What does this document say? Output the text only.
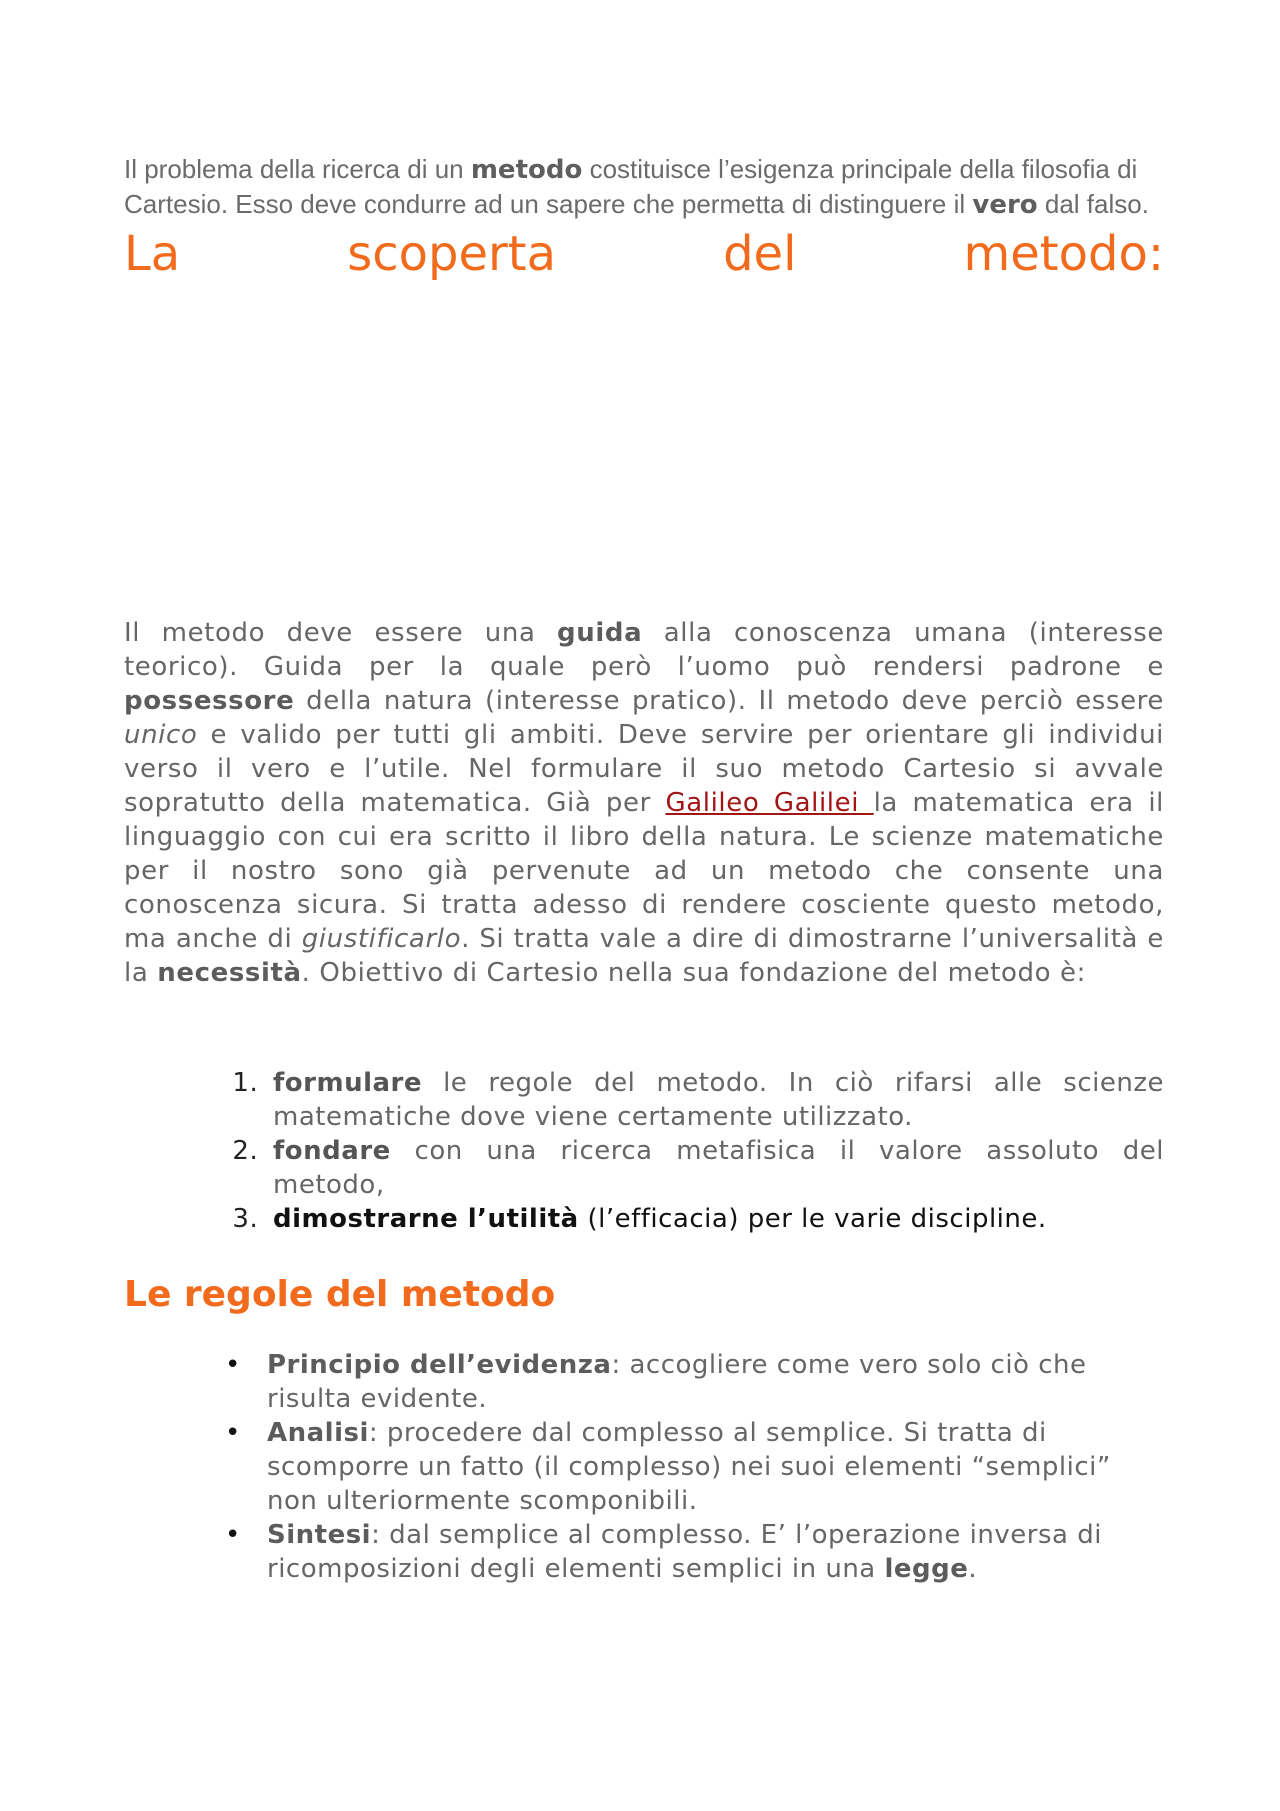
Il problema della ricerca di un metodo costituisce l’esigenza principale della filosofia di Cartesio. Esso deve condurre ad un sapere che permetta di distinguere il vero dal falso.

La	scoperta	del	metodo:

Il metodo deve essere una guida alla conoscenza umana (interesse teorico). Guida per la quale però l’uomo può rendersi padrone e possessore della natura (interesse pratico). Il metodo deve perciò essere unico e valido per tutti gli ambiti. Deve servire per orientare gli individui verso il vero e l’utile. Nel formulare il suo metodo Cartesio si avvale sopratutto della matematica. Già per Galileo Galilei la matematica era il linguaggio con cui era scritto il libro della natura. Le scienze matematiche per il nostro sono già pervenute ad un metodo che consente una conoscenza sicura. Si tratta adesso di rendere cosciente questo metodo, ma anche di giustificarlo. Si tratta vale a dire di dimostrarne l’universalità e la necessità. Obiettivo di Cartesio nella sua fondazione del metodo è:

1. formulare le regole del metodo. In ciò rifarsi alle scienze matematiche dove viene certamente utilizzato.
2. fondare con una ricerca metafisica il valore assoluto del metodo,
3. dimostrarne l’utilità (l’efficacia) per le varie discipline.
Le regole del metodo
• Principio dell’evidenza: accogliere come vero solo ciò che risulta evidente.
• Analisi: procedere dal complesso al semplice. Si tratta di scomporre un fatto (il complesso) nei suoi elementi “semplici” non ulteriormente scomponibili.
• Sintesi: dal semplice al complesso. E’ l’operazione inversa di ricomposizioni degli elementi semplici in una legge.
